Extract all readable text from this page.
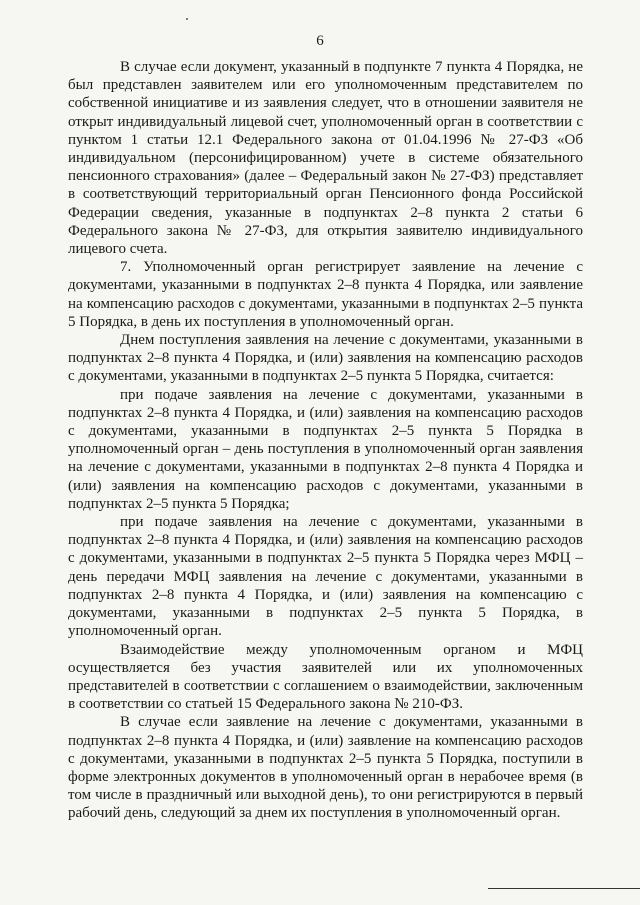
6

В случае если документ, указанный в подпункте 7 пункта 4 Порядка, не был представлен заявителем или его уполномоченным представителем по собственной инициативе и из заявления следует, что в отношении заявителя не открыт индивидуальный лицевой счет, уполномоченный орган в соответствии с пунктом 1 статьи 12.1 Федерального закона от 01.04.1996 № 27-ФЗ «Об индивидуальном (персонифицированном) учете в системе обязательного пенсионного страхования» (далее – Федеральный закон № 27-ФЗ) представляет в соответствующий территориальный орган Пенсионного фонда Российской Федерации сведения, указанные в подпунктах 2–8 пункта 2 статьи 6 Федерального закона № 27-ФЗ, для открытия заявителю индивидуального лицевого счета.

7. Уполномоченный орган регистрирует заявление на лечение с документами, указанными в подпунктах 2–8 пункта 4 Порядка, или заявление на компенсацию расходов с документами, указанными в подпунктах 2–5 пункта 5 Порядка, в день их поступления в уполномоченный орган.

Днем поступления заявления на лечение с документами, указанными в подпунктах 2–8 пункта 4 Порядка, и (или) заявления на компенсацию расходов с документами, указанными в подпунктах 2–5 пункта 5 Порядка, считается:

при подаче заявления на лечение с документами, указанными в подпунктах 2–8 пункта 4 Порядка, и (или) заявления на компенсацию расходов с документами, указанными в подпунктах 2–5 пункта 5 Порядка в уполномоченный орган – день поступления в уполномоченный орган заявления на лечение с документами, указанными в подпунктах 2–8 пункта 4 Порядка и (или) заявления на компенсацию расходов с документами, указанными в подпунктах 2–5 пункта 5 Порядка;

при подаче заявления на лечение с документами, указанными в подпунктах 2–8 пункта 4 Порядка, и (или) заявления на компенсацию расходов с документами, указанными в подпунктах 2–5 пункта 5 Порядка через МФЦ – день передачи МФЦ заявления на лечение с документами, указанными в подпунктах 2–8 пункта 4 Порядка, и (или) заявления на компенсацию с документами, указанными в подпунктах 2–5 пункта 5 Порядка, в уполномоченный орган.

Взаимодействие между уполномоченным органом и МФЦ осуществляется без участия заявителей или их уполномоченных представителей в соответствии с соглашением о взаимодействии, заключенным в соответствии со статьей 15 Федерального закона № 210-ФЗ.

В случае если заявление на лечение с документами, указанными в подпунктах 2–8 пункта 4 Порядка, и (или) заявление на компенсацию расходов с документами, указанными в подпунктах 2–5 пункта 5 Порядка, поступили в форме электронных документов в уполномоченный орган в нерабочее время (в том числе в праздничный или выходной день), то они регистрируются в первый рабочий день, следующий за днем их поступления в уполномоченный орган.
